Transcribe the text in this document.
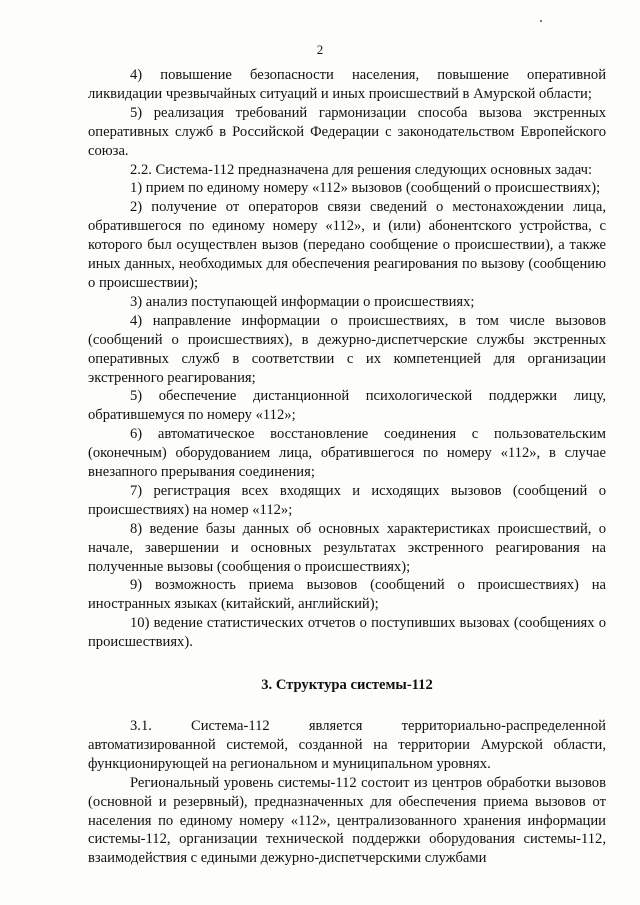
2

4) повышение безопасности населения, повышение оперативной ликвидации чрезвычайных ситуаций и иных происшествий в Амурской области;

5) реализация требований гармонизации способа вызова экстренных оперативных служб в Российской Федерации с законодательством Европейского союза.

2.2. Система-112 предназначена для решения следующих основных задач:

1) прием по единому номеру «112» вызовов (сообщений о происшествиях);

2) получение от операторов связи сведений о местонахождении лица, обратившегося по единому номеру «112», и (или) абонентского устройства, с которого был осуществлен вызов (передано сообщение о происшествии), а также иных данных, необходимых для обеспечения реагирования по вызову (сообщению о происшествии);

3) анализ поступающей информации о происшествиях;

4) направление информации о происшествиях, в том числе вызовов (сообщений о происшествиях), в дежурно-диспетчерские службы экстренных оперативных служб в соответствии с их компетенцией для организации экстренного реагирования;

5) обеспечение дистанционной психологической поддержки лицу, обратившемуся по номеру «112»;

6) автоматическое восстановление соединения с пользовательским (оконечным) оборудованием лица, обратившегося по номеру «112», в случае внезапного прерывания соединения;

7) регистрация всех входящих и исходящих вызовов (сообщений о происшествиях) на номер «112»;

8) ведение базы данных об основных характеристиках происшествий, о начале, завершении и основных результатах экстренного реагирования на полученные вызовы (сообщения о происшествиях);

9) возможность приема вызовов (сообщений о происшествиях) на иностранных языках (китайский, английский);

10) ведение статистических отчетов о поступивших вызовах (сообщениях о происшествиях).

3. Структура системы-112

3.1. Система-112 является территориально-распределенной автоматизированной системой, созданной на территории Амурской области, функционирующей на региональном и муниципальном уровнях.

Региональный уровень системы-112 состоит из центров обработки вызовов (основной и резервный), предназначенных для обеспечения приема вызовов от населения по единому номеру «112», централизованного хранения информации системы-112, организации технической поддержки оборудования системы-112, взаимодействия с едиными дежурно-диспетчерскими службами
